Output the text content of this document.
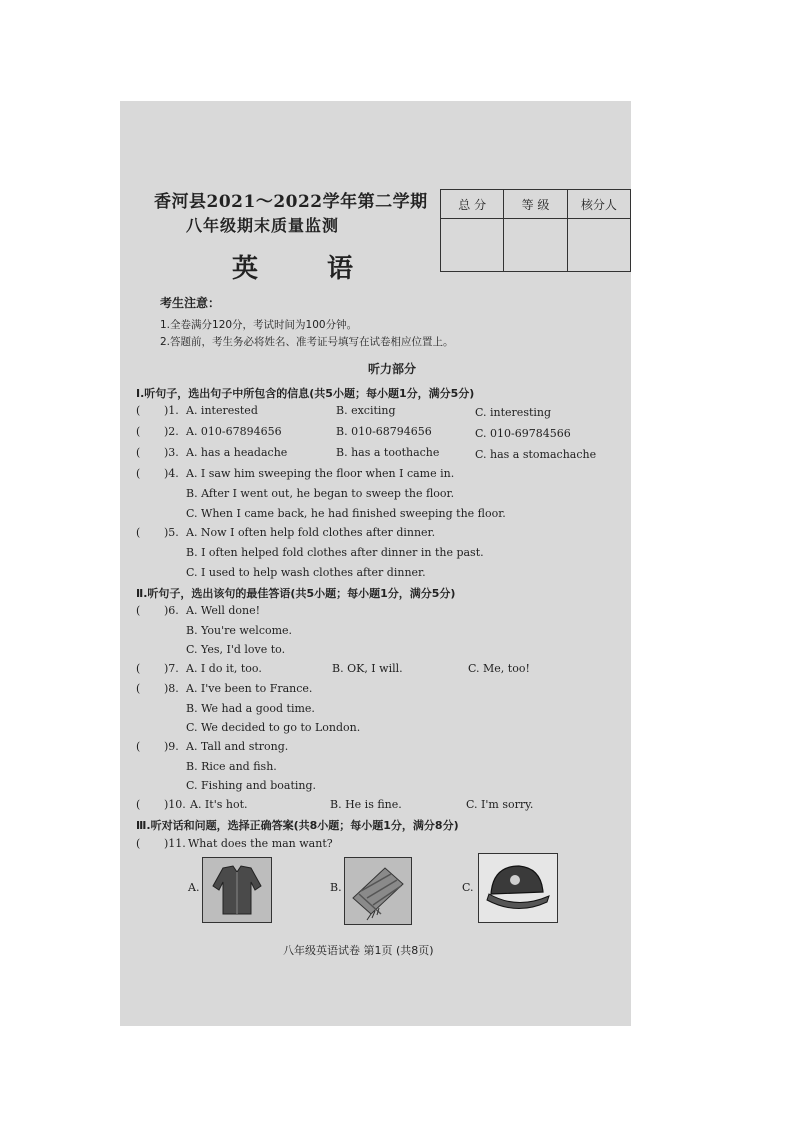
香河县2021～2022学年第二学期
八年级期末质量监测
英 语
总 分	等 级	核分人

考生注意：
1.全卷满分120分，考试时间为100分钟。
2.答题前，考生务必将姓名、准考证号填写在试卷相应位置上。
听力部分
Ⅰ.听句子，选出句子中所包含的信息(共5小题；每小题1分，满分5分)
( )1. A. interested	B. exciting	C. interesting
( )2. A. 010-67894656	B. 010-68794656	C. 010-69784566
( )3. A. has a headache	B. has a toothache	C. has a stomachache
( )4. A. I saw him sweeping the floor when I came in.
B. After I went out, he began to sweep the floor.
C. When I came back, he had finished sweeping the floor.
( )5. A. Now I often help fold clothes after dinner.
B. I often helped fold clothes after dinner in the past.
C. I used to help wash clothes after dinner.
Ⅱ.听句子，选出该句的最佳答语(共5小题；每小题1分，满分5分)
( )6. A. Well done!
B. You're welcome.
C. Yes, I'd love to.
( )7. A. I do it, too.	B. OK, I will.	C. Me, too!
( )8. A. I've been to France.
B. We had a good time.
C. We decided to go to London.
( )9. A. Tall and strong.
B. Rice and fish.
C. Fishing and boating.
( )10. A. It's hot.	B. He is fine.	C. I'm sorry.
Ⅲ.听对话和问题，选择正确答案(共8小题；每小题1分，满分8分)
( )11. What does the man want?
A.	B.	C.
八年级英语试卷 第1页 (共8页)
